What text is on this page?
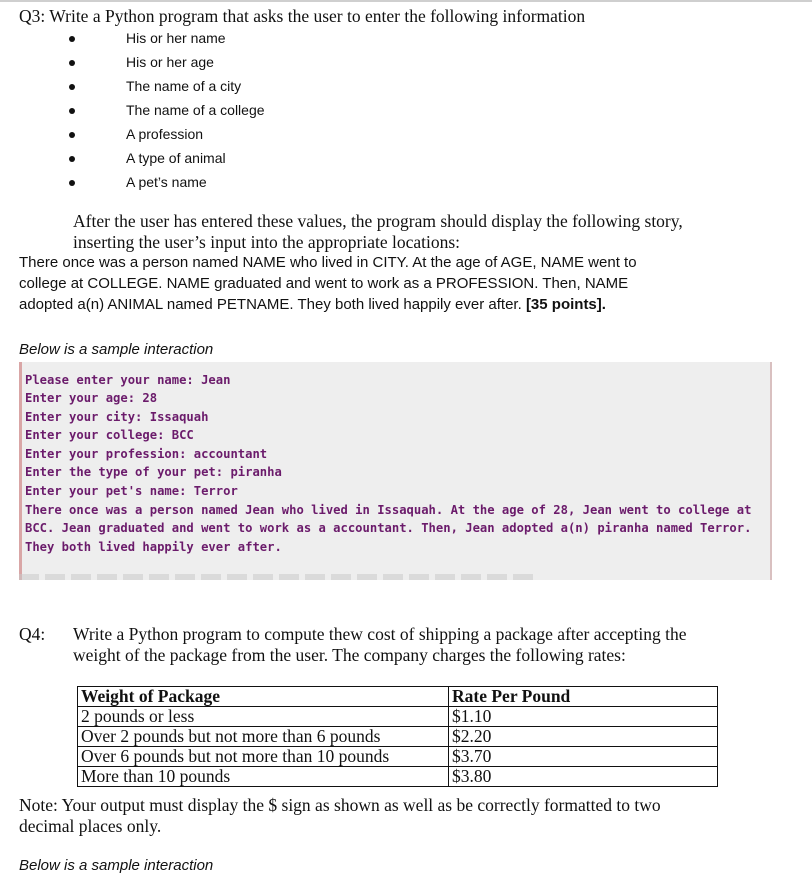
Q3: Write a Python program that asks the user to enter the following information
His or her name
His or her age
The name of a city
The name of a college
A profession
A type of animal
A pet’s name
After the user has entered these values, the program should display the following story,
inserting the user’s input into the appropriate locations:
There once was a person named NAME who lived in CITY. At the age of AGE, NAME went to
college at COLLEGE. NAME graduated and went to work as a PROFESSION. Then, NAME
adopted a(n) ANIMAL named PETNAME. They both lived happily ever after. [35 points].
Below is a sample interaction
Please enter your name: Jean
Enter your age: 28
Enter your city: Issaquah
Enter your college: BCC
Enter your profession: accountant
Enter the type of your pet: piranha
Enter your pet's name: Terror
There once was a person named Jean who lived in Issaquah. At the age of 28, Jean went to college at
BCC. Jean graduated and went to work as a accountant. Then, Jean adopted a(n) piranha named Terror.
They both lived happily ever after.
Q4: Write a Python program to compute thew cost of shipping a package after accepting the
weight of the package from the user. The company charges the following rates:
Weight of Package	Rate Per Pound
2 pounds or less	$1.10
Over 2 pounds but not more than 6 pounds	$2.20
Over 6 pounds but not more than 10 pounds	$3.70
More than 10 pounds	$3.80
Note: Your output must display the $ sign as shown as well as be correctly formatted to two
decimal places only.
Below is a sample interaction
